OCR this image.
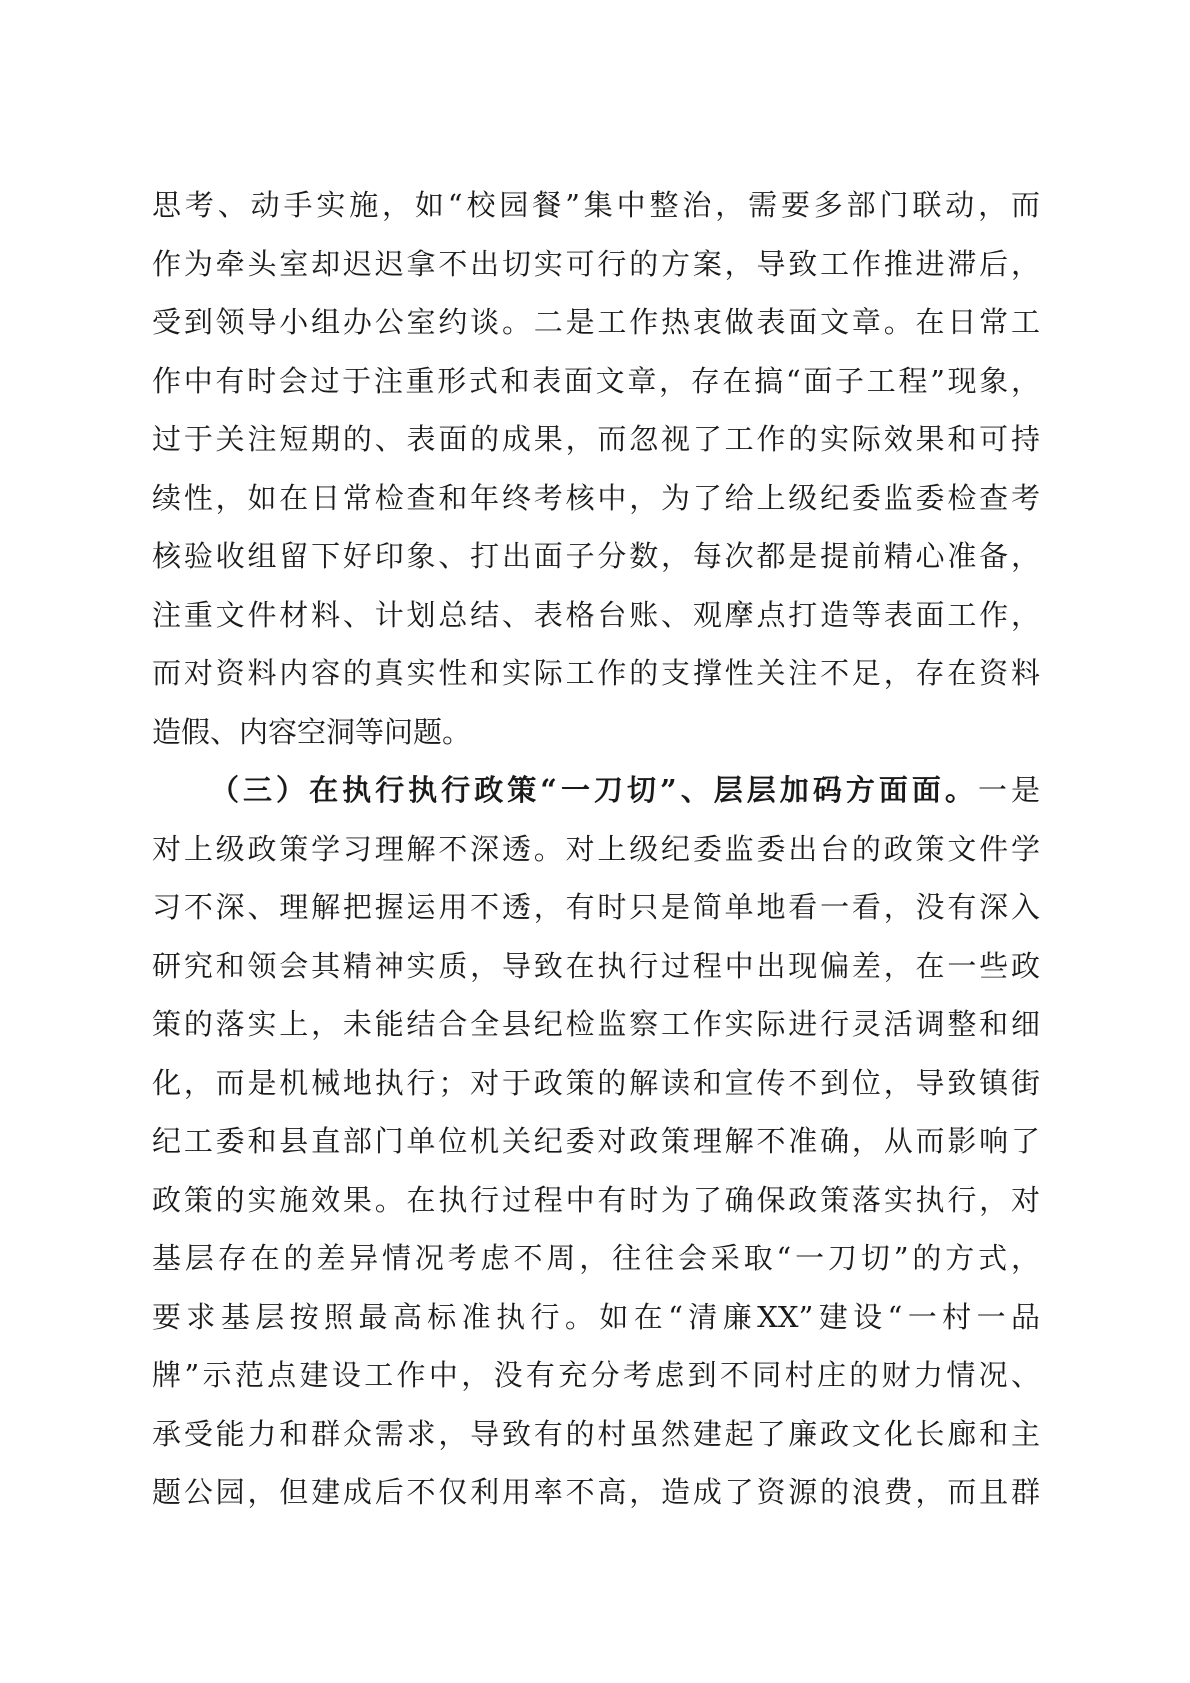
思考、动手实施，如“校园餐”集中整治，需要多部门联动，而
作为牵头室却迟迟拿不出切实可行的方案，导致工作推进滞后，
受到领导小组办公室约谈。二是工作热衷做表面文章。在日常工
作中有时会过于注重形式和表面文章，存在搞“面子工程”现象，
过于关注短期的、表面的成果，而忽视了工作的实际效果和可持
续性，如在日常检查和年终考核中，为了给上级纪委监委检查考
核验收组留下好印象、打出面子分数，每次都是提前精心准备，
注重文件材料、计划总结、表格台账、观摩点打造等表面工作，
而对资料内容的真实性和实际工作的支撑性关注不足，存在资料
造假、内容空洞等问题。
（三）在执行执行政策“一刀切”、层层加码方面面。一是
对上级政策学习理解不深透。对上级纪委监委出台的政策文件学
习不深、理解把握运用不透，有时只是简单地看一看，没有深入
研究和领会其精神实质，导致在执行过程中出现偏差，在一些政
策的落实上，未能结合全县纪检监察工作实际进行灵活调整和细
化，而是机械地执行；对于政策的解读和宣传不到位，导致镇街
纪工委和县直部门单位机关纪委对政策理解不准确，从而影响了
政策的实施效果。在执行过程中有时为了确保政策落实执行，对
基层存在的差异情况考虑不周，往往会采取“一刀切”的方式，
要求基层按照最高标准执行。如在“清廉XX”建设“一村一品
牌”示范点建设工作中，没有充分考虑到不同村庄的财力情况、
承受能力和群众需求，导致有的村虽然建起了廉政文化长廊和主
题公园，但建成后不仅利用率不高，造成了资源的浪费，而且群
